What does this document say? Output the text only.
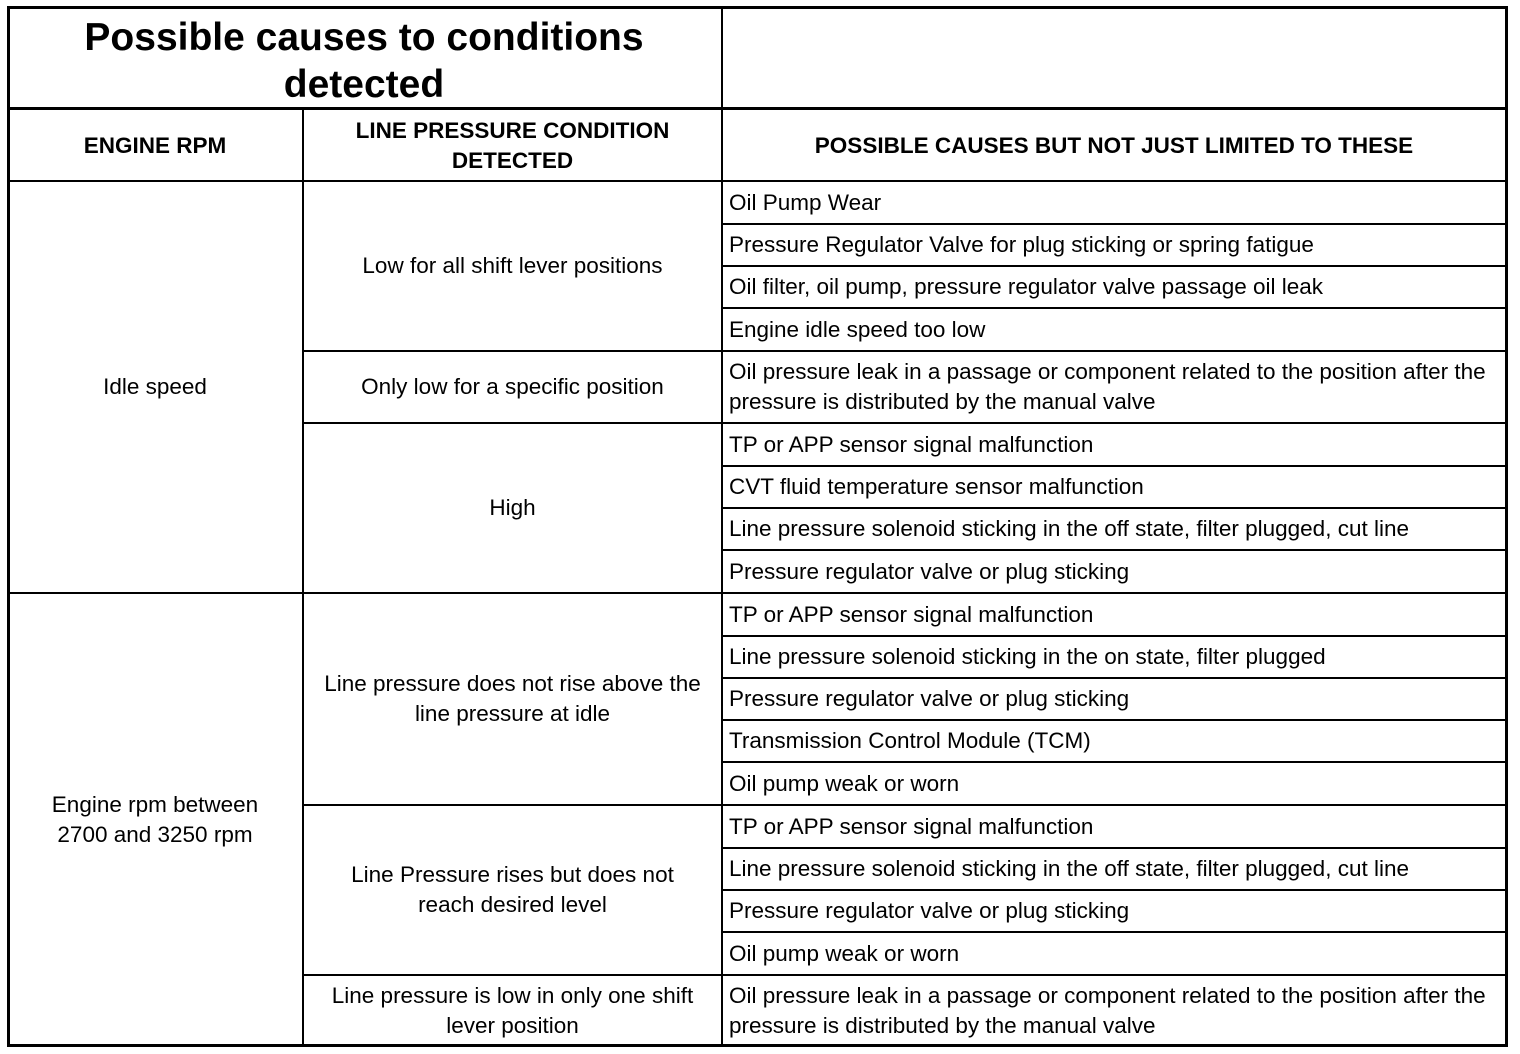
Possible causes to conditions detected
ENGINE RPM
LINE PRESSURE CONDITION DETECTED
POSSIBLE CAUSES BUT NOT JUST LIMITED TO THESE
Idle speed
Engine rpm between 2700 and 3250 rpm
Low for all shift lever positions
Only low for a specific position
High
Line pressure does not rise above the line pressure at idle
Line Pressure rises but does not reach desired level
Line pressure is low in only one shift lever position
Oil Pump Wear
Pressure Regulator Valve for plug sticking or spring fatigue
Oil filter, oil pump, pressure regulator valve passage oil leak
Engine idle speed too low
Oil pressure leak in a passage or component related to the position after the pressure is distributed by the manual valve
TP or APP sensor signal malfunction
CVT fluid temperature sensor malfunction
Line pressure solenoid sticking in the off state, filter plugged, cut line
Pressure regulator valve or plug sticking
TP or APP sensor signal malfunction
Line pressure solenoid sticking in the on state, filter plugged
Pressure regulator valve or plug sticking
Transmission Control Module (TCM)
Oil pump weak or worn
TP or APP sensor signal malfunction
Line pressure solenoid sticking in the off state, filter plugged, cut line
Pressure regulator valve or plug sticking
Oil pump weak or worn
Oil pressure leak in a passage or component related to the position after the pressure is distributed by the manual valve
